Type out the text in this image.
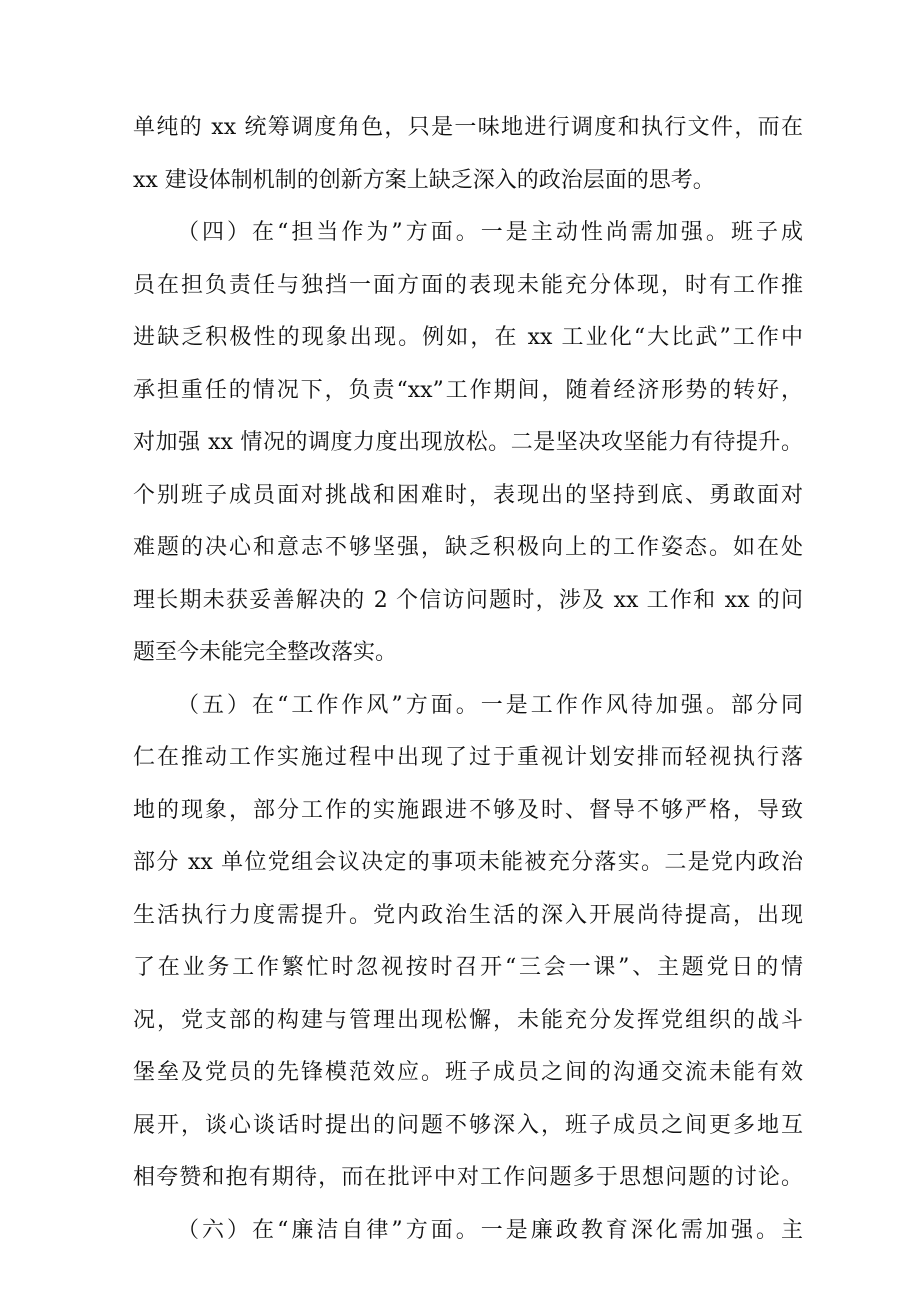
单纯的 xx 统筹调度角色，只是一味地进行调度和执行文件，而在
xx 建设体制机制的创新方案上缺乏深入的政治层面的思考。
（四）在“担当作为”方面。一是主动性尚需加强。班子成
员在担负责任与独挡一面方面的表现未能充分体现，时有工作推
进缺乏积极性的现象出现。例如，在 xx 工业化“大比武”工作中
承担重任的情况下，负责“xx”工作期间，随着经济形势的转好，
对加强 xx 情况的调度力度出现放松。二是坚决攻坚能力有待提升。
个别班子成员面对挑战和困难时，表现出的坚持到底、勇敢面对
难题的决心和意志不够坚强，缺乏积极向上的工作姿态。如在处
理长期未获妥善解决的 2 个信访问题时，涉及 xx 工作和 xx 的问
题至今未能完全整改落实。
（五）在“工作作风”方面。一是工作作风待加强。部分同
仁在推动工作实施过程中出现了过于重视计划安排而轻视执行落
地的现象，部分工作的实施跟进不够及时、督导不够严格，导致
部分 xx 单位党组会议决定的事项未能被充分落实。二是党内政治
生活执行力度需提升。党内政治生活的深入开展尚待提高，出现
了在业务工作繁忙时忽视按时召开“三会一课”、主题党日的情
况，党支部的构建与管理出现松懈，未能充分发挥党组织的战斗
堡垒及党员的先锋模范效应。班子成员之间的沟通交流未能有效
展开，谈心谈话时提出的问题不够深入，班子成员之间更多地互
相夸赞和抱有期待，而在批评中对工作问题多于思想问题的讨论。
（六）在“廉洁自律”方面。一是廉政教育深化需加强。主
